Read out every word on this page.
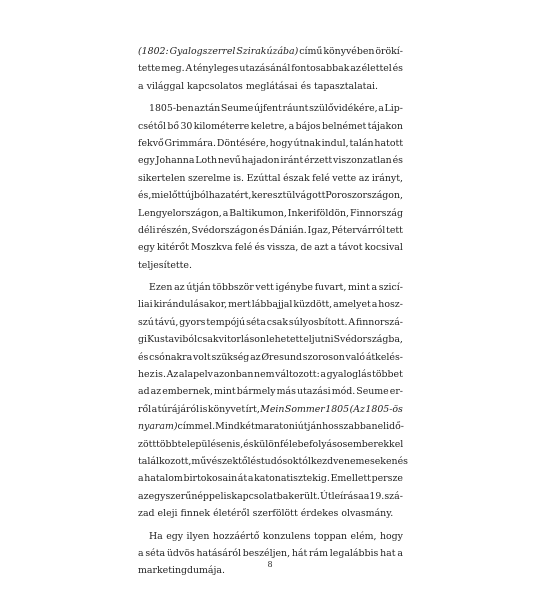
(1802: Gyalogszerrel Szirakúzába) című könyvében örökí-
tette meg. A tényleges utazásánál fontosabbak az élettel és
a világgal kapcsolatos meglátásai és tapasztalatai.
1805-ben aztán Seume újfent ráunt szülővidékére, a Lip-
csétől bő 30 kilométerre keletre, a bájos belnémet tájakon
fekvő Grimmára. Döntésére, hogy útnak indul, talán hatott
egy Johanna Loth nevű hajadon iránt érzett viszonzatlan és
sikertelen szerelme is. Ezúttal észak felé vette az irányt,
és, mielőtt újból hazatért, keresztülvágott Poroszországon,
Lengyelországon, a Baltikumon, Inkeriföldön, Finnország
déli részén, Svédországon és Dánián. Igaz, Pétervárról tett
egy kitérőt Moszkva felé és vissza, de azt a távot kocsival
teljesítette.
Ezen az útján többször vett igénybe fuvart, mint a szicí-
liai kirándulásakor, mert lábbajjal küzdött, amelyet a hosz-
szú távú, gyors tempójú séta csak súlyosbított. A finnorszá-
gi Kustaviból csak vitorláson lehetett eljutni Svédországba,
és csónakra volt szükség az Øresund szoroson való átkelés-
hez is. Az alapelv azonban nem változott: a gyaloglás többet
ad az embernek, mint bármely más utazási mód. Seume er-
ről a túrájáról is könyvet írt, Mein Sommer 1805 (Az 1805-ös
nyaram) címmel. Mindkét maratoni útján hosszabban elidő-
zött több településen is, és különféle befolyásos emberekkel
találkozott, művészektől és tudósoktól kezdve nemeseken és
a hatalom birtokosain át a katonatisztekig. Emellett persze
az egyszerű néppel is kapcsolatba került. Útleírása a 19. szá-
zad eleji finnek életéről szerfölött érdekes olvasmány.
Ha egy ilyen hozzáértő konzulens toppan elém, hogy
a séta üdvös hatásáról beszéljen, hát rám legalábbis hat a
marketingdumája.
8
